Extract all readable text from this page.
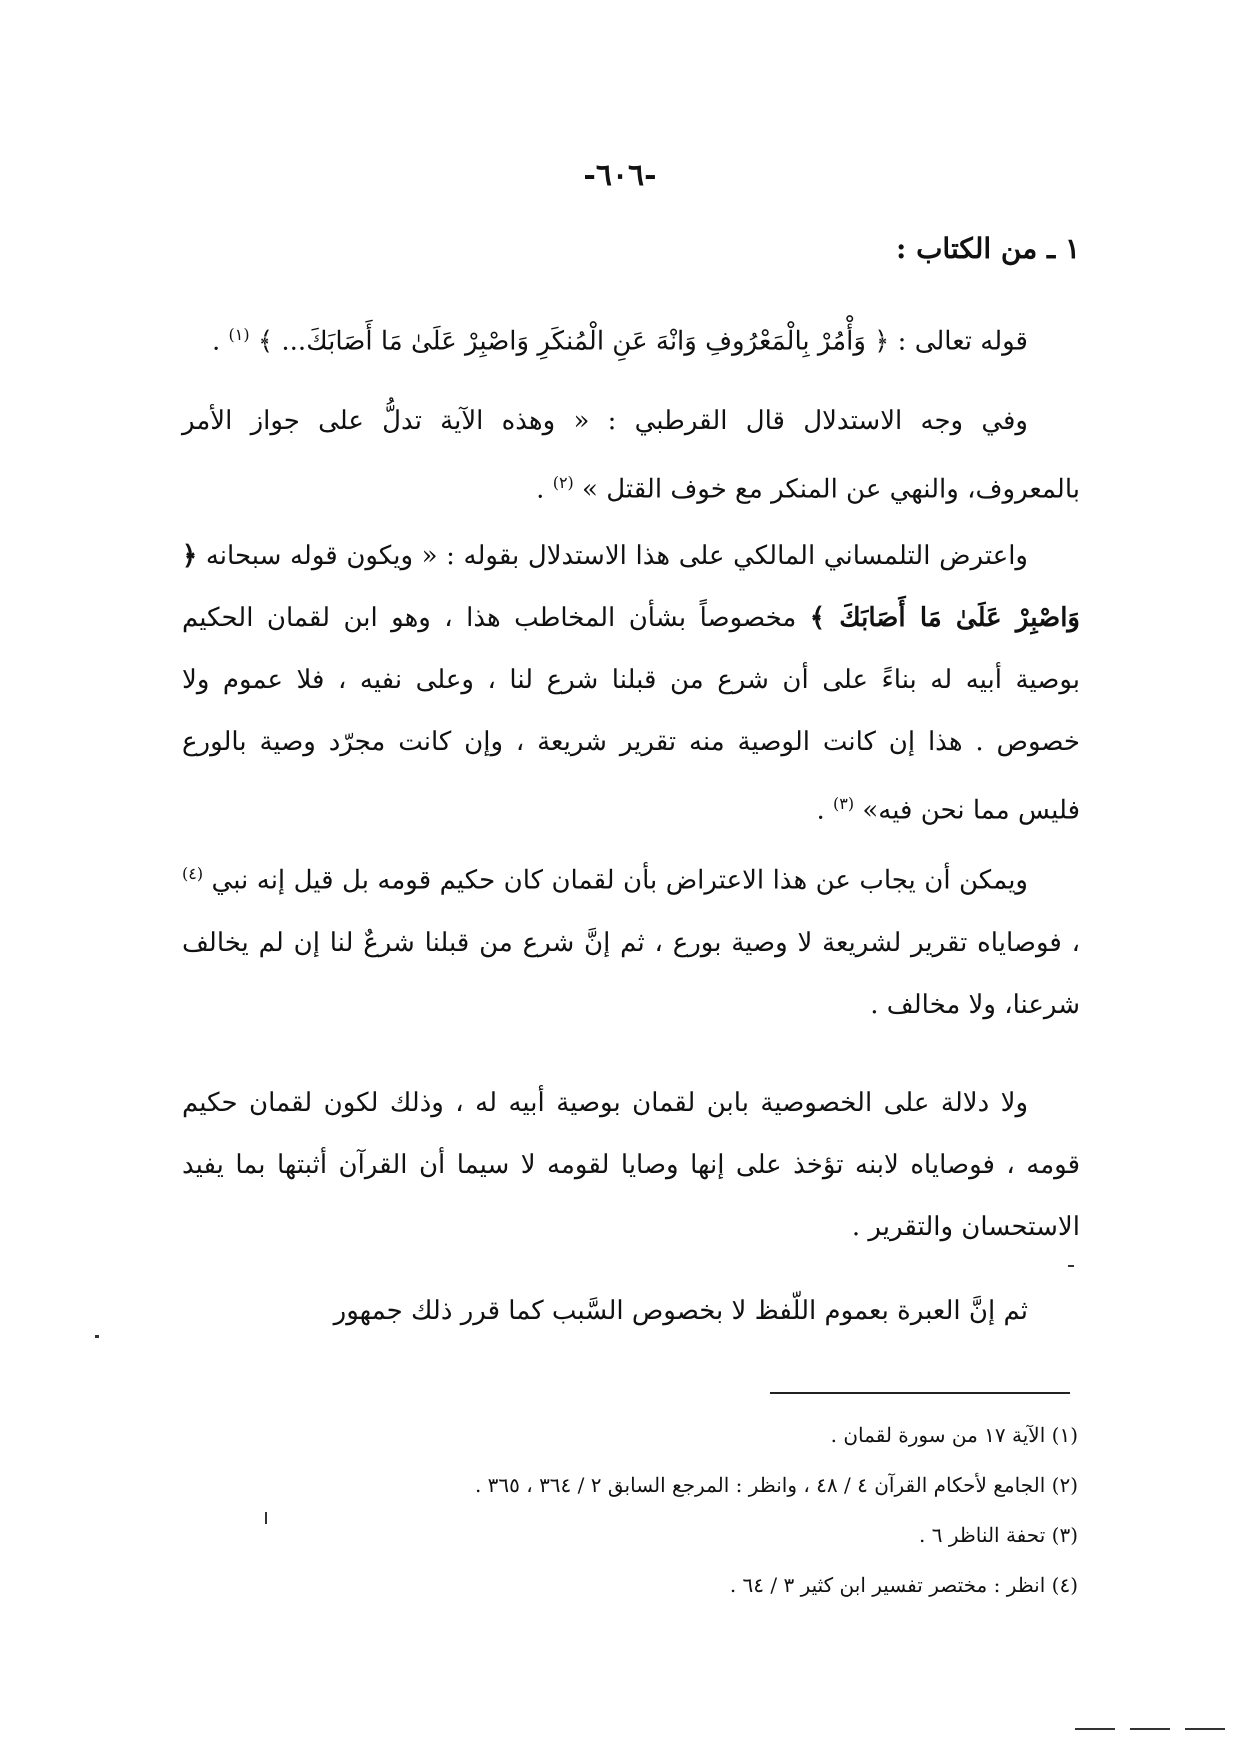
-٦٠٦-
١ ـ من الكتاب :

قوله تعالى : ﴿ وَأْمُرْ بِالْمَعْرُوفِ وَانْهَ عَنِ الْمُنكَرِ وَاصْبِرْ عَلَىٰ مَا أَصَابَكَ... ﴾ $^{(١)}$ .

وفي وجه الاستدلال قال القرطبي : « وهذه الآية تدلُّ على جواز الأمر بالمعروف، والنهي عن المنكر مع خوف القتل » $^{(٢)}$ .

واعترض التلمساني المالكي على هذا الاستدلال بقوله : « ويكون قوله سبحانه ﴿ وَاصْبِرْ عَلَىٰ مَا أَصَابَكَ ﴾ مخصوصاً بشأن المخاطب هذا ، وهو ابن لقمان الحكيم بوصية أبيه له بناءً على أن شرع من قبلنا شرع لنا ، وعلى نفيه ، فلا عموم ولا خصوص . هذا إن كانت الوصية منه تقرير شريعة ، وإن كانت مجرّد وصية بالورع فليس مما نحن فيه» $^{(٣)}$ .

ويمكن أن يجاب عن هذا الاعتراض بأن لقمان كان حكيم قومه بل قيل إنه نبي $^{(٤)}$ ، فوصاياه تقرير لشريعة لا وصية بورع ، ثم إنَّ شرع من قبلنا شرعٌ لنا إن لم يخالف شرعنا، ولا مخالف .

ولا دلالة على الخصوصية بابن لقمان بوصية أبيه له ، وذلك لكون لقمان حكيم قومه ، فوصاياه لابنه تؤخذ على إنها وصايا لقومه لا سيما أن القرآن أثبتها بما يفيد الاستحسان والتقرير .

ثم إنَّ العبرة بعموم اللّفظ لا بخصوص السَّبب كما قرر ذلك جمهور

(١) الآية ١٧ من سورة لقمان .
(٢) الجامع لأحكام القرآن ٤ / ٤٨ ، وانظر : المرجع السابق ٢ / ٣٦٤ ، ٣٦٥ .
(٣) تحفة الناظر ٦ .
(٤) انظر : مختصر تفسير ابن كثير ٣ / ٦٤ .
